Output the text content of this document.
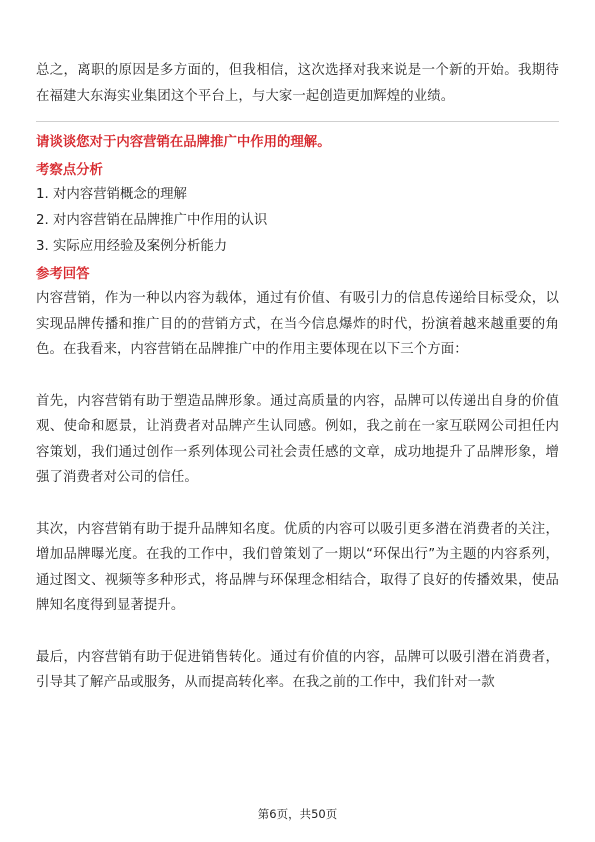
总之，离职的原因是多方面的，但我相信，这次选择对我来说是一个新的开始。我期待在福建大东海实业集团这个平台上，与大家一起创造更加辉煌的业绩。

请谈谈您对于内容营销在品牌推广中作用的理解。

考察点分析

1. 对内容营销概念的理解

2. 对内容营销在品牌推广中作用的认识

3. 实际应用经验及案例分析能力

参考回答

内容营销，作为一种以内容为载体，通过有价值、有吸引力的信息传递给目标受众，以实现品牌传播和推广目的的营销方式，在当今信息爆炸的时代，扮演着越来越重要的角色。在我看来，内容营销在品牌推广中的作用主要体现在以下三个方面：

首先，内容营销有助于塑造品牌形象。通过高质量的内容，品牌可以传递出自身的价值观、使命和愿景，让消费者对品牌产生认同感。例如，我之前在一家互联网公司担任内容策划，我们通过创作一系列体现公司社会责任感的文章，成功地提升了品牌形象，增强了消费者对公司的信任。

其次，内容营销有助于提升品牌知名度。优质的内容可以吸引更多潜在消费者的关注，增加品牌曝光度。在我的工作中，我们曾策划了一期以“环保出行”为主题的内容系列，通过图文、视频等多种形式，将品牌与环保理念相结合，取得了良好的传播效果，使品牌知名度得到显著提升。

最后，内容营销有助于促进销售转化。通过有价值的内容，品牌可以吸引潜在消费者，引导其了解产品或服务，从而提高转化率。在我之前的工作中，我们针对一款

第6页，共50页
